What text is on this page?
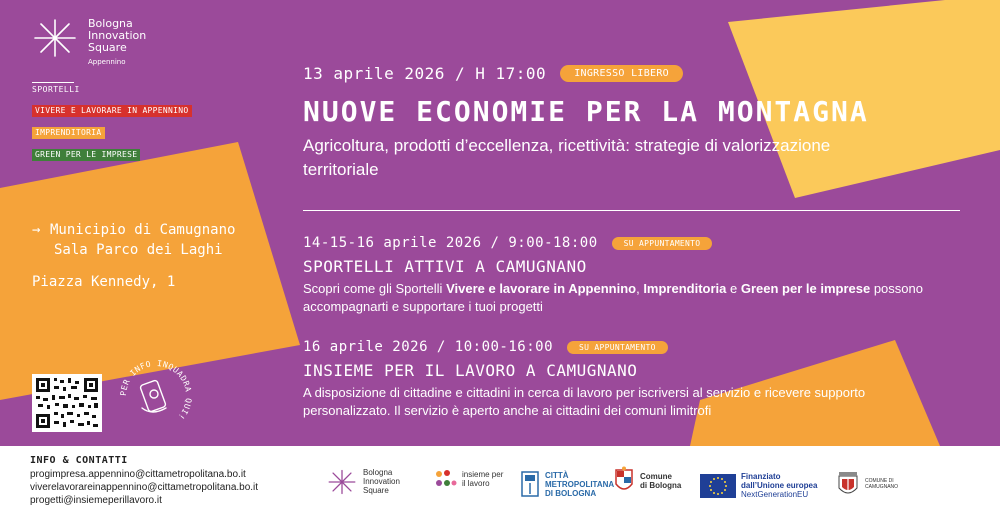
Bologna
Innovation
Square
Appennino
SPORTELLI
VIVERE E LAVORARE IN APPENNINO
IMPRENDITORIA
GREEN PER LE IMPRESE
→ Municipio di Camugnano
Sala Parco dei Laghi
Piazza Kennedy, 1
PER INFO INQUADRA QUI!
13 aprile 2026 / H 17:00	INGRESSO LIBERO
NUOVE ECONOMIE PER LA MONTAGNA
Agricoltura, prodotti d’eccellenza, ricettività: strategie di valorizzazione territoriale
14-15-16 aprile 2026 / 9:00-18:00	SU APPUNTAMENTO
SPORTELLI ATTIVI A CAMUGNANO
Scopri come gli Sportelli Vivere e lavorare in Appennino, Imprenditoria e Green per le imprese possono accompagnarti e supportare i tuoi progetti
16 aprile 2026 / 10:00-16:00	SU APPUNTAMENTO
INSIEME PER IL LAVORO A CAMUGNANO
A disposizione di cittadine e cittadini in cerca di lavoro per iscriversi al servizio e ricevere supporto personalizzato. Il servizio è aperto anche ai cittadini dei comuni limitrofi
INFO & CONTATTI
progimpresa.appennino@cittametropolitana.bo.it
viverelavorareinappennino@cittametropolitana.bo.it
progetti@insiemeperillavoro.it
Bologna
Innovation
Square
insieme per
il lavoro
CITTÀ
METROPOLITANA
DI BOLOGNA
Comune
di Bologna
Finanziato
dall’Unione europea
NextGenerationEU
COMUNE DI
CAMUGNANO
